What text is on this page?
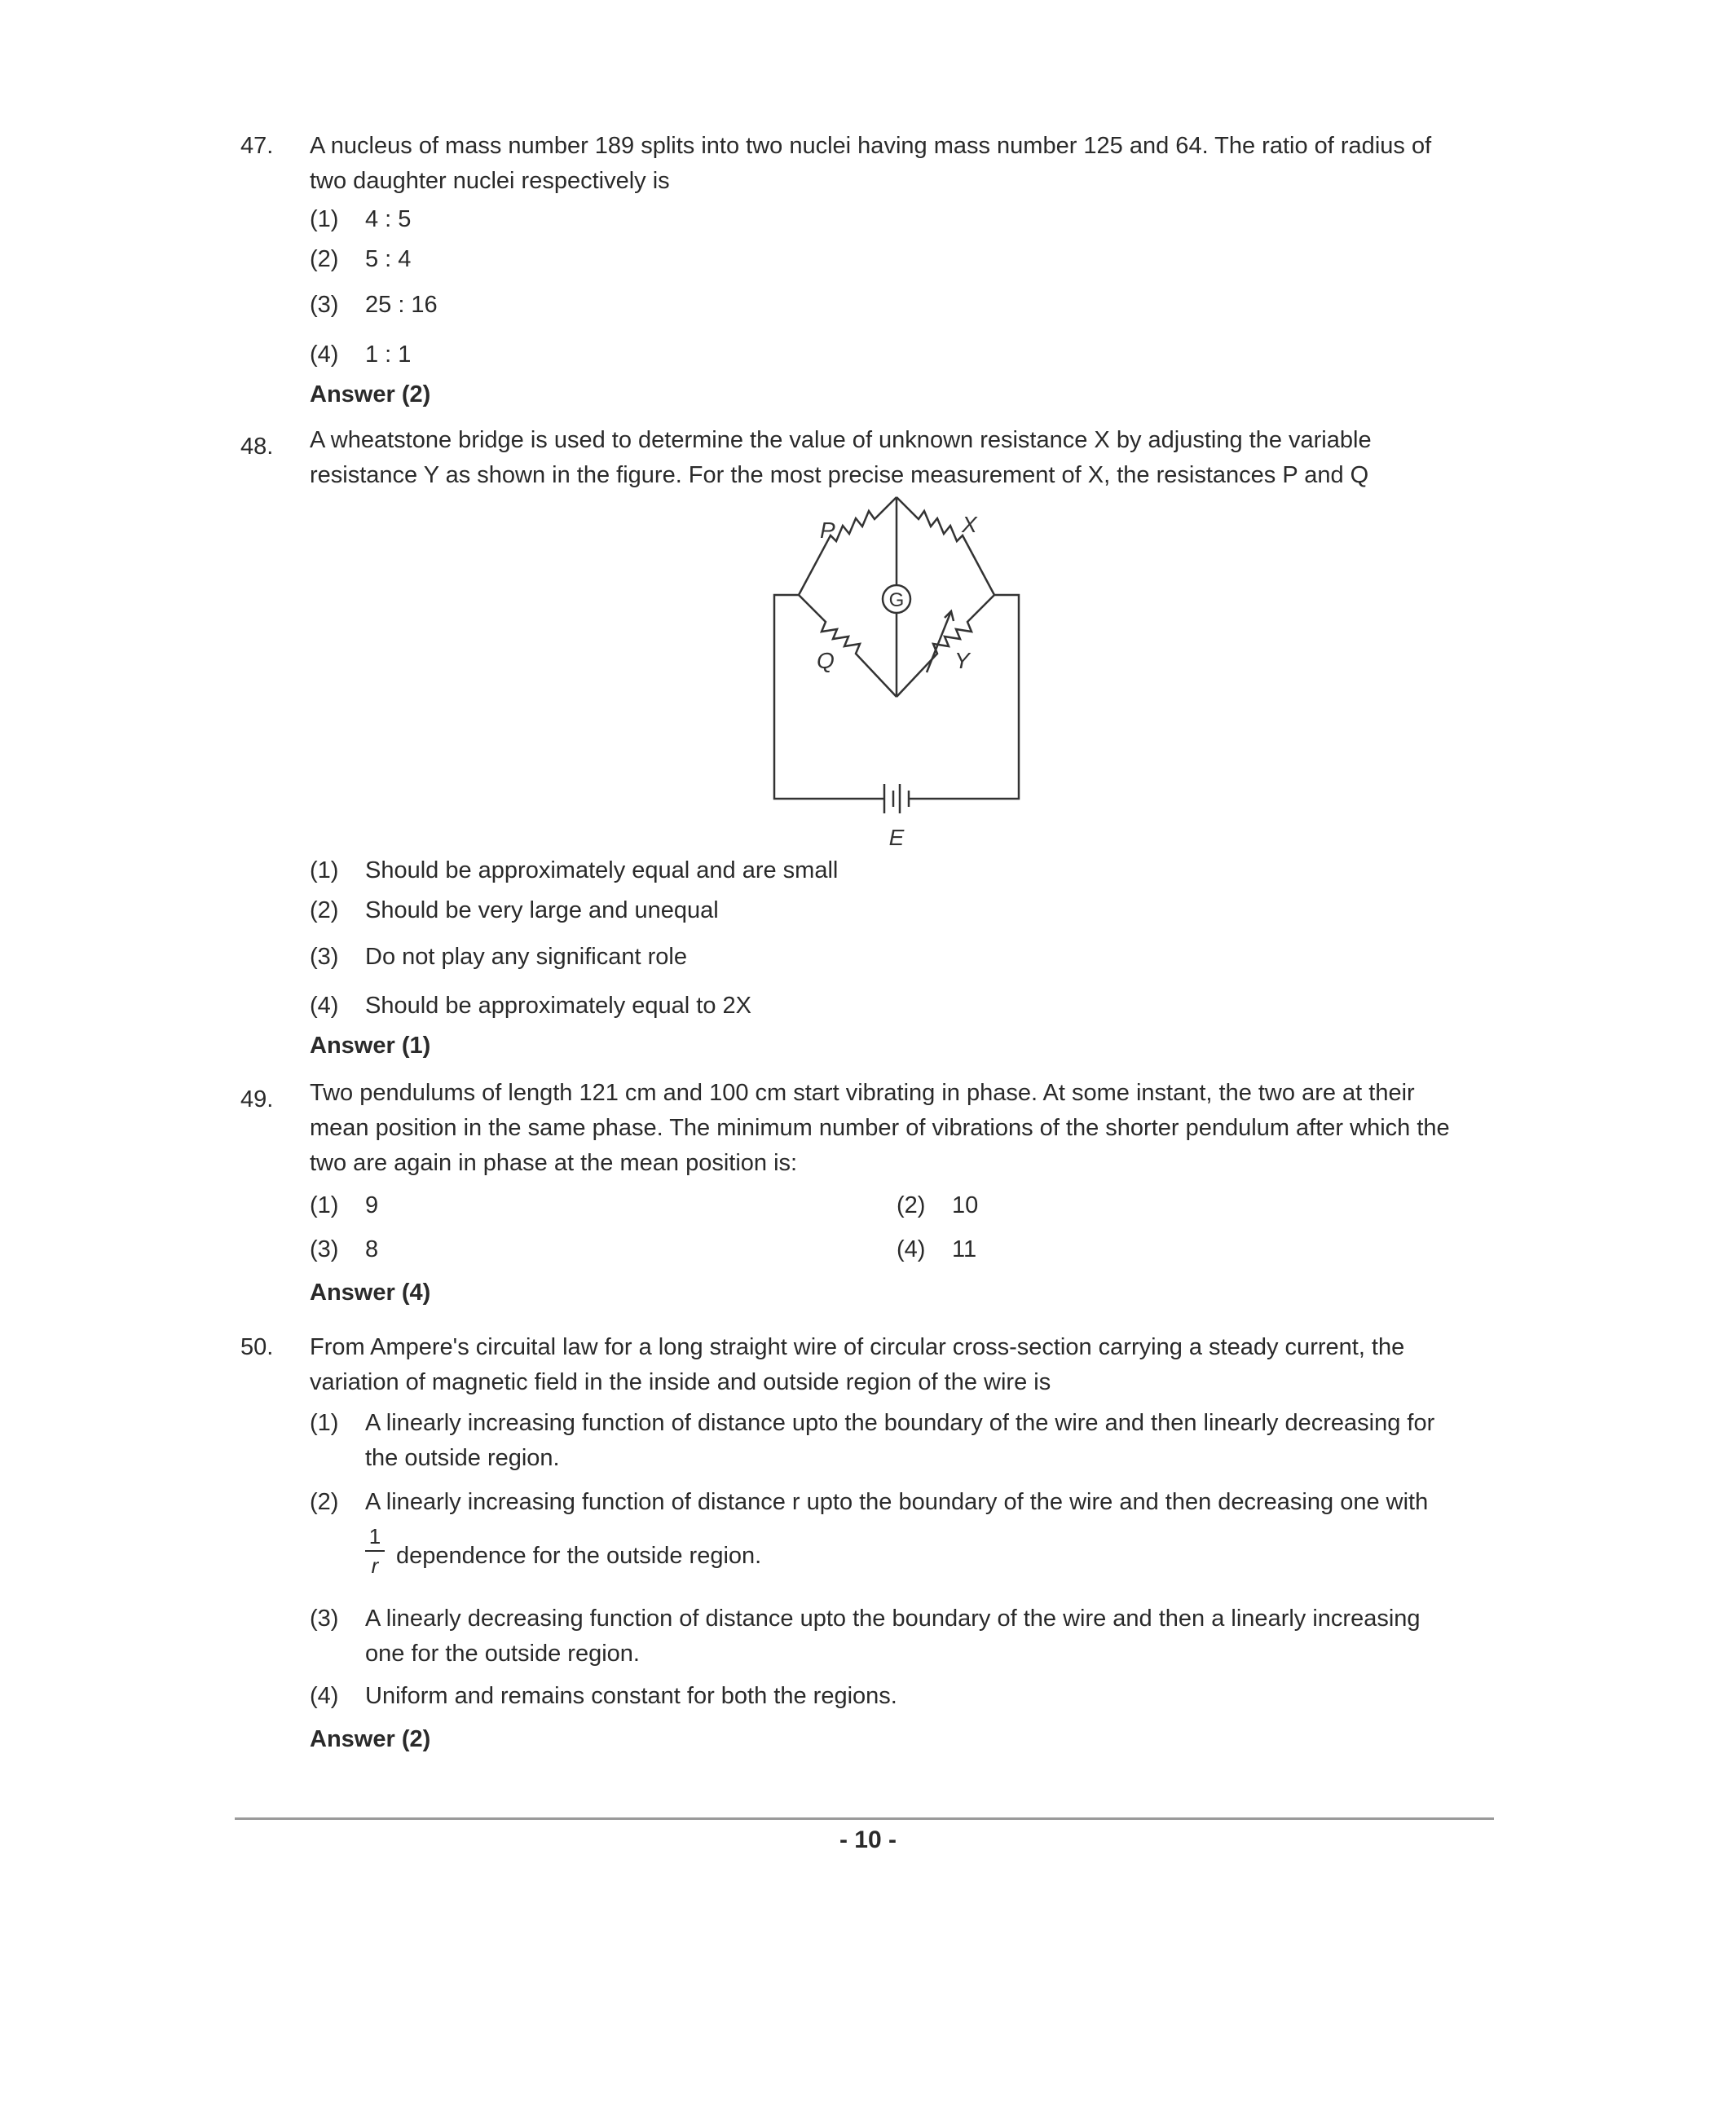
47. A nucleus of mass number 189 splits into two nuclei having mass number 125 and 64. The ratio of radius of
two daughter nuclei respectively is
(1) 4 : 5
(2) 5 : 4
(3) 25 : 16
(4) 1 : 1
Answer (2)
48. A wheatstone bridge is used to determine the value of unknown resistance X by adjusting the variable
resistance Y as shown in the figure. For the most precise measurement of X, the resistances P and Q
P	X
Q	Y
G
E
(1) Should be approximately equal and are small
(2) Should be very large and unequal
(3) Do not play any significant role
(4) Should be approximately equal to 2X
Answer (1)
49. Two pendulums of length 121 cm and 100 cm start vibrating in phase. At some instant, the two are at their
mean position in the same phase. The minimum number of vibrations of the shorter pendulum after which the
two are again in phase at the mean position is:
(1) 9	(2) 10
(3) 8	(4) 11
Answer (4)
50. From Ampere's circuital law for a long straight wire of circular cross-section carrying a steady current, the
variation of magnetic field in the inside and outside region of the wire is
(1) A linearly increasing function of distance upto the boundary of the wire and then linearly decreasing for
the outside region.
(2) A linearly increasing function of distance r upto the boundary of the wire and then decreasing one with
1
r dependence for the outside region.
(3) A linearly decreasing function of distance upto the boundary of the wire and then a linearly increasing
one for the outside region.
(4) Uniform and remains constant for both the regions.
Answer (2)
- 10 -
